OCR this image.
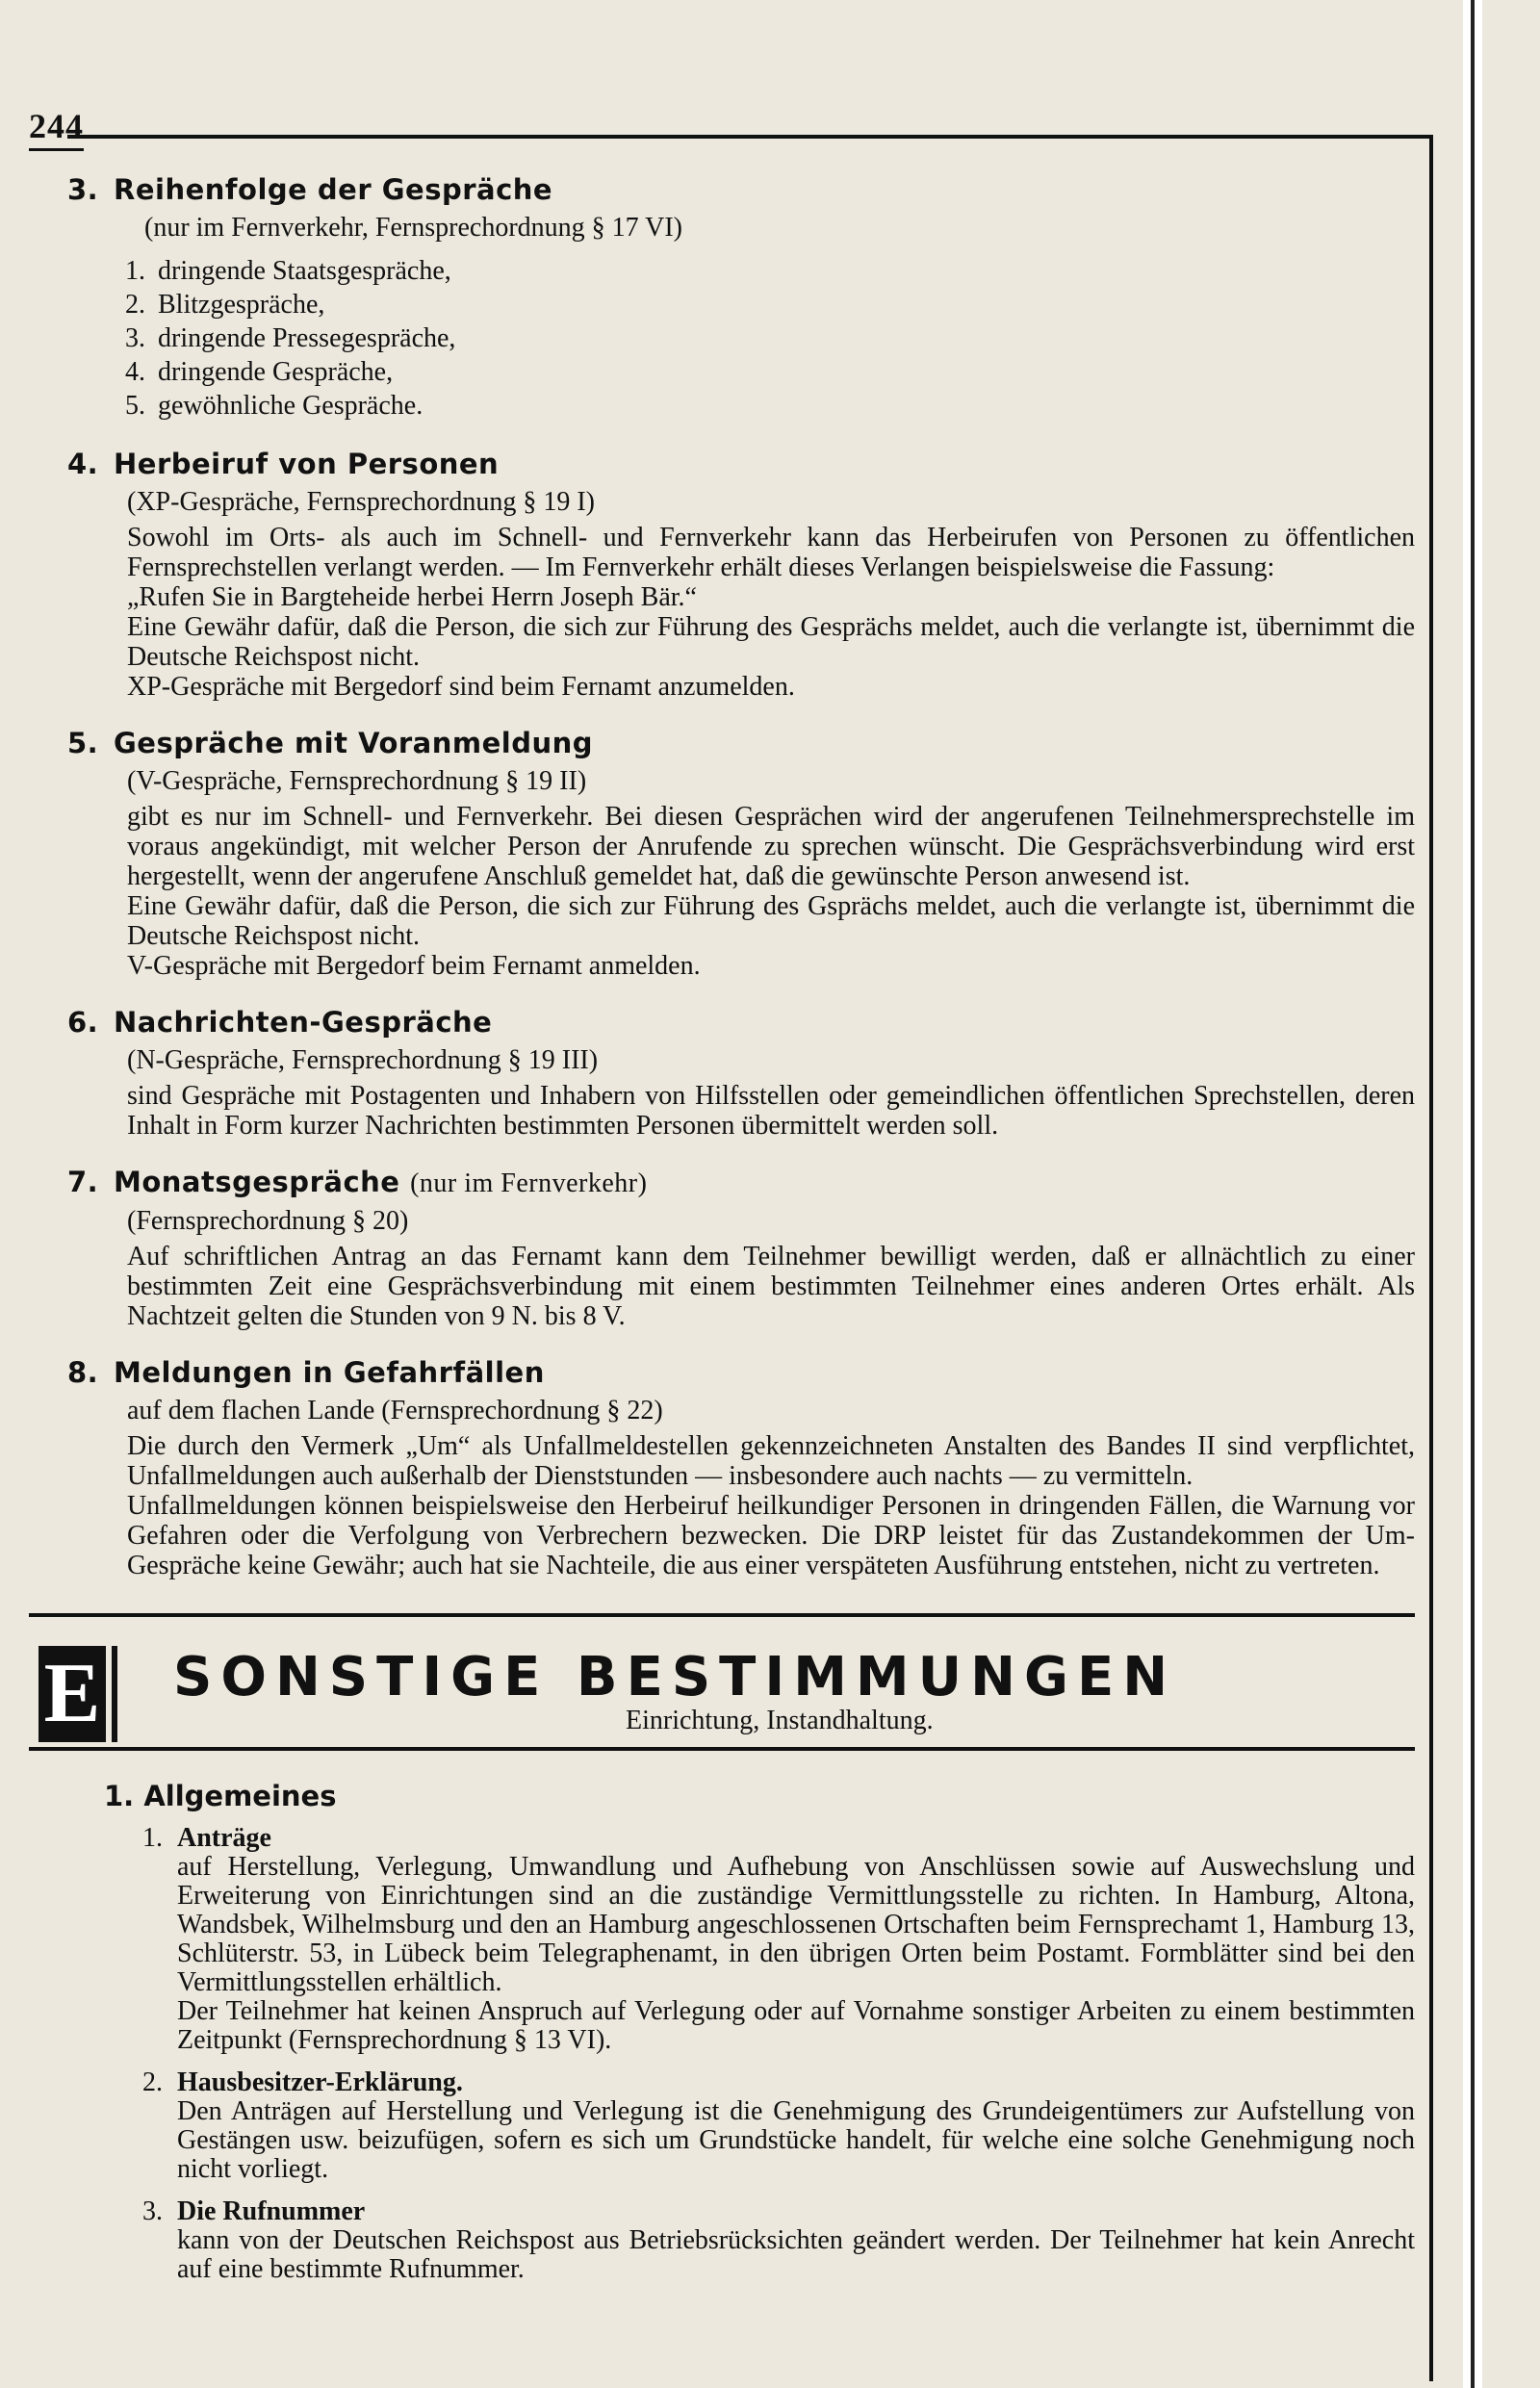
244
3. Reihenfolge der Gespräche
(nur im Fernverkehr, Fernsprechordnung § 17 VI)
1. dringende Staatsgespräche,
2. Blitzgespräche,
3. dringende Pressegespräche,
4. dringende Gespräche,
5. gewöhnliche Gespräche.
4. Herbeiruf von Personen
(XP-Gespräche, Fernsprechordnung § 19 I)

Sowohl im Orts- als auch im Schnell- und Fernverkehr kann das Herbeirufen von Personen zu öffentlichen Fernsprechstellen verlangt werden. — Im Fernverkehr erhält dieses Verlangen beispielsweise die Fassung:

„Rufen Sie in Bargteheide herbei Herrn Joseph Bär.“

Eine Gewähr dafür, daß die Person, die sich zur Führung des Gesprächs meldet, auch die verlangte ist, übernimmt die Deutsche Reichspost nicht.

XP-Gespräche mit Bergedorf sind beim Fernamt anzumelden.

5. Gespräche mit Voranmeldung
(V-Gespräche, Fernsprechordnung § 19 II)

gibt es nur im Schnell- und Fernverkehr. Bei diesen Gesprächen wird der angerufenen Teilnehmersprechstelle im voraus angekündigt, mit welcher Person der Anrufende zu sprechen wünscht. Die Gesprächsverbindung wird erst hergestellt, wenn der angerufene Anschluß gemeldet hat, daß die gewünschte Person anwesend ist.

Eine Gewähr dafür, daß die Person, die sich zur Führung des Gsprächs meldet, auch die verlangte ist, übernimmt die Deutsche Reichspost nicht.

V-Gespräche mit Bergedorf beim Fernamt anmelden.

6. Nachrichten-Gespräche
(N-Gespräche, Fernsprechordnung § 19 III)

sind Gespräche mit Postagenten und Inhabern von Hilfsstellen oder gemeindlichen öffentlichen Sprechstellen, deren Inhalt in Form kurzer Nachrichten bestimmten Personen übermittelt werden soll.

7. Monatsgespräche (nur im Fernverkehr)
(Fernsprechordnung § 20)

Auf schriftlichen Antrag an das Fernamt kann dem Teilnehmer bewilligt werden, daß er allnächtlich zu einer bestimmten Zeit eine Gesprächsverbindung mit einem bestimmten Teilnehmer eines anderen Ortes erhält. Als Nachtzeit gelten die Stunden von 9 N. bis 8 V.

8. Meldungen in Gefahrfällen
auf dem flachen Lande (Fernsprechordnung § 22)

Die durch den Vermerk „Um“ als Unfallmeldestellen gekennzeichneten Anstalten des Bandes II sind verpflichtet, Unfallmeldungen auch außerhalb der Dienststunden — insbesondere auch nachts — zu vermitteln.

Unfallmeldungen können beispielsweise den Herbeiruf heilkundiger Personen in dringenden Fällen, die Warnung vor Gefahren oder die Verfolgung von Verbrechern bezwecken. Die DRP leistet für das Zustandekommen der Um-Gespräche keine Gewähr; auch hat sie Nachteile, die aus einer verspäteten Ausführung entstehen, nicht zu vertreten.

E SONSTIGE BESTIMMUNGEN
Einrichtung, Instandhaltung.
1. Allgemeines
1. Anträge

auf Herstellung, Verlegung, Umwandlung und Aufhebung von Anschlüssen sowie auf Auswechslung und Erweiterung von Einrichtungen sind an die zuständige Vermittlungsstelle zu richten. In Hamburg, Altona, Wandsbek, Wilhelmsburg und den an Hamburg angeschlossenen Ortschaften beim Fernsprechamt 1, Hamburg 13, Schlüterstr. 53, in Lübeck beim Telegraphenamt, in den übrigen Orten beim Postamt. Formblätter sind bei den Vermittlungsstellen erhältlich.

Der Teilnehmer hat keinen Anspruch auf Verlegung oder auf Vornahme sonstiger Arbeiten zu einem bestimmten Zeitpunkt (Fernsprechordnung § 13 VI).

2. Hausbesitzer-Erklärung.

Den Anträgen auf Herstellung und Verlegung ist die Genehmigung des Grundeigentümers zur Aufstellung von Gestängen usw. beizufügen, sofern es sich um Grundstücke handelt, für welche eine solche Genehmigung noch nicht vorliegt.

3. Die Rufnummer

kann von der Deutschen Reichspost aus Betriebsrücksichten geändert werden. Der Teilnehmer hat kein Anrecht auf eine bestimmte Rufnummer.
